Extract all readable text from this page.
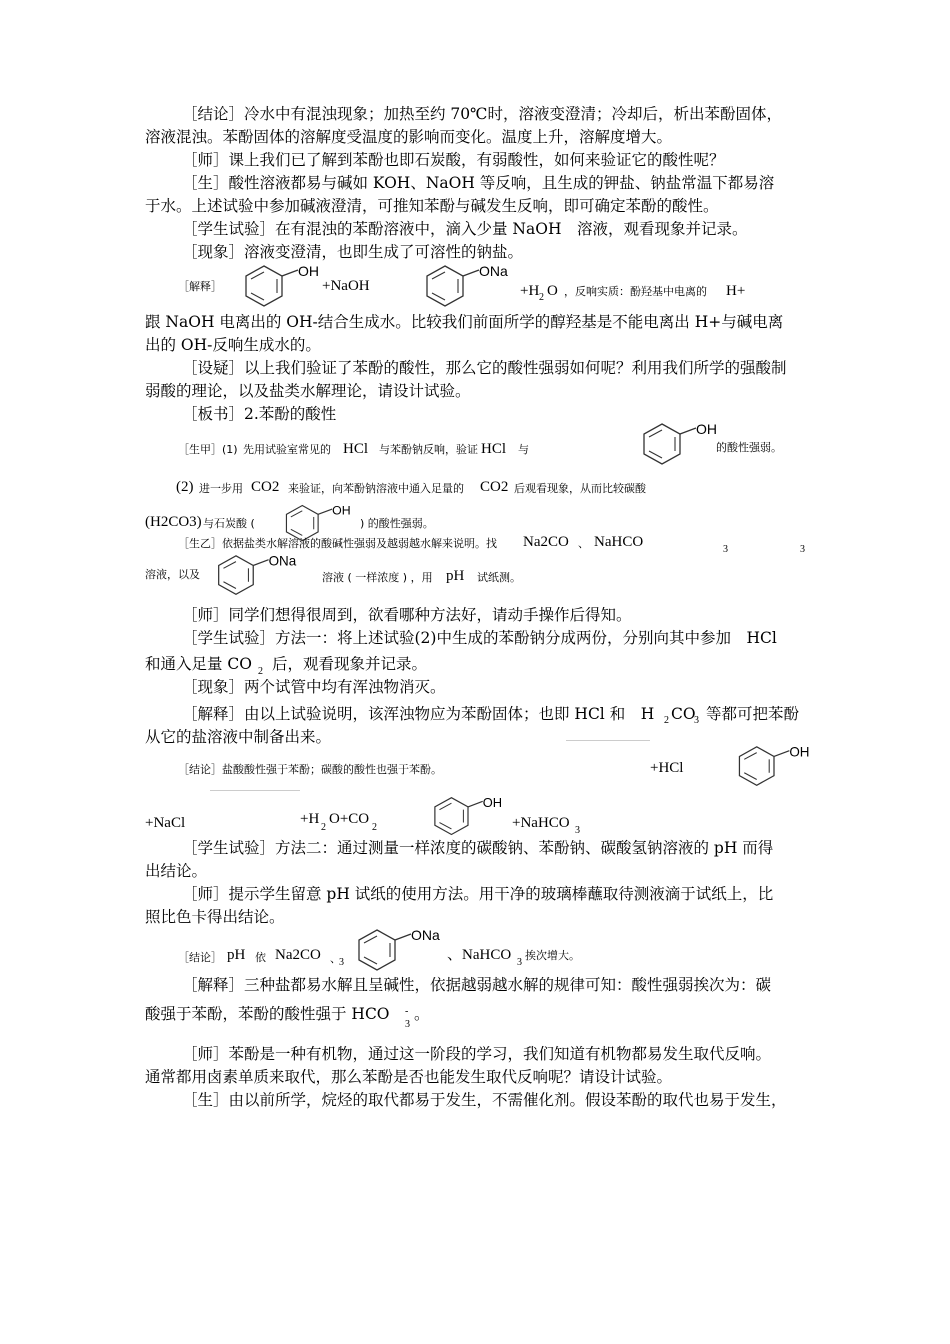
［结论］冷水中有混浊现象；加热至约 70℃时，溶液变澄清；冷却后，析出苯酚固体，
溶液混浊。苯酚固体的溶解度受温度的影响而变化。温度上升，溶解度增大。
［师］课上我们已了解到苯酚也即石炭酸，有弱酸性，如何来验证它的酸性呢？
［生］酸性溶液都易与碱如 KOH、NaOH 等反响，且生成的钾盐、钠盐常温下都易溶
于水。上述试验中参加碱液澄清，可推知苯酚与碱发生反响，即可确定苯酚的酸性。
［学生试验］在有混浊的苯酚溶液中，滴入少量 NaOH　溶液，观看现象并记录。
［现象］溶液变澄清，也即生成了可溶性的钠盐。
［解释］
OH
+NaOH
ONa
+H 2 O ，反响实质：酚羟基中电离的 H+
跟 NaOH 电离出的 OH-结合生成水。比较我们前面所学的醇羟基是不能电离出 H+与碱电离
出的 OH-反响生成水的。
［设疑］以上我们验证了苯酚的酸性，那么它的酸性强弱如何呢？利用我们所学的强酸制
弱酸的理论，以及盐类水解理论，请设计试验。
［板书］2.苯酚的酸性
［生甲］(1) 先用试验室常见的 HCl 与苯酚钠反响，验证 HCl 与
OH
的酸性强弱。
(2) 进一步用 CO2 来验证，向苯酚钠溶液中通入足量的 CO2 后观看现象，从而比较碳酸
(H2CO3) 与石炭酸 (
OH
) 的酸性强弱。
［生乙］依据盐类水解溶液的酸碱性强弱及越弱越水解来说明。找 Na2CO 、 NaHCO	3	3
溶液，以及
ONa
溶液 ( 一样浓度 ) ，用 pH 试纸测。
［师］同学们想得很周到，欲看哪种方法好，请动手操作后得知。
［学生试验］方法一：将上述试验(2)中生成的苯酚钠分成两份，分别向其中参加　HCl
和通入足量 CO 2 后，观看现象并记录。
［现象］两个试管中均有浑浊物消灭。
［解释］由以上试验说明，该浑浊物应为苯酚固体；也即 HCl 和　H 2 CO
3 等都可把苯酚
从它的盐溶液中制备出来。
［结论］盐酸酸性强于苯酚；碳酸的酸性也强于苯酚。	+HCl
OH
+NaCl	+H
2
O+CO
2
OH
+NaHCO 3
［学生试验］方法二：通过测量一样浓度的碳酸钠、苯酚钠、碳酸氢钠溶液的 pH 而得
出结论。
［师］提示学生留意 pH 试纸的使用方法。用干净的玻璃棒蘸取待测液滴于试纸上，比
照比色卡得出结论。
［结论］ pH 依 Na2CO 、
3
ONa
、NaHCO 3
挨次增大。
［解释］三种盐都易水解且呈碱性，依据越弱越水解的规律可知：酸性强弱挨次为：碳
酸强于苯酚，苯酚的酸性强于 HCO -
3
。
［师］苯酚是一种有机物，通过这一阶段的学习，我们知道有机物都易发生取代反响。
通常都用卤素单质来取代，那么苯酚是否也能发生取代反响呢？请设计试验。
［生］由以前所学，烷烃的取代都易于发生，不需催化剂。假设苯酚的取代也易于发生，
